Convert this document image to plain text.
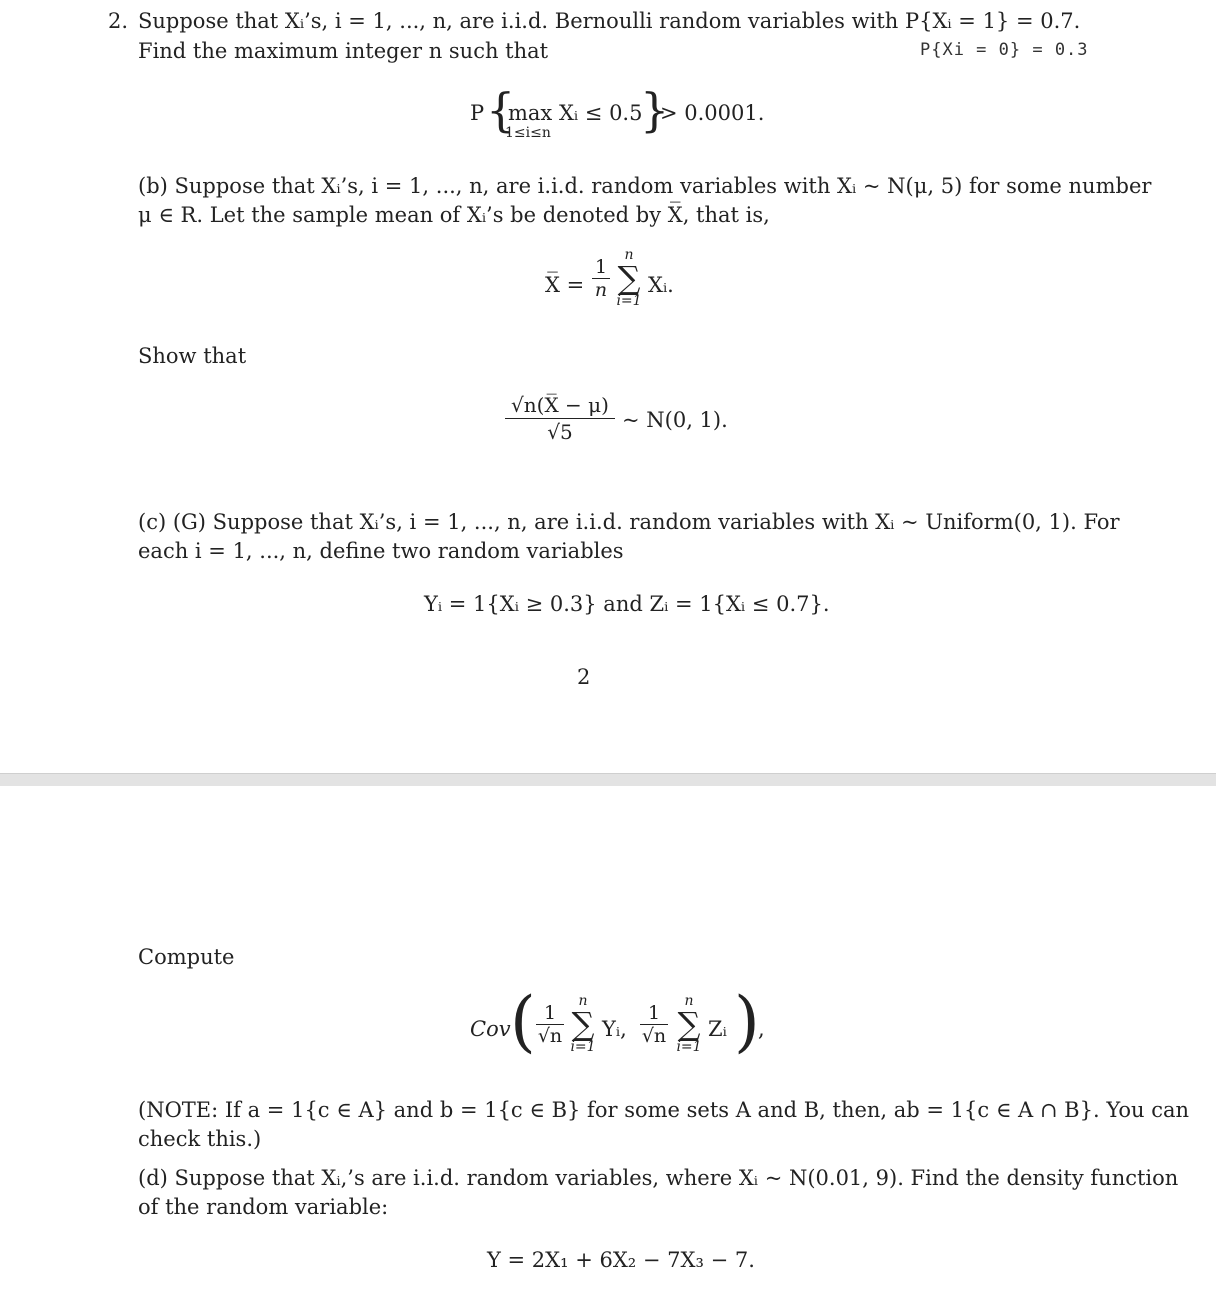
2. Suppose that Xᵢ’s, i = 1, ..., n, are i.i.d. Bernoulli random variables with P{Xᵢ = 1} = 0.7.
Find the maximum integer n such that	P{Xi = 0} = 0.3
P {
max Xᵢ ≤ 0.5
1≤i≤n }
> 0.0001.
(b) Suppose that Xᵢ’s, i = 1, ..., n, are i.i.d. random variables with Xᵢ ~ N(μ, 5) for some number
μ ∈ R. Let the sample mean of Xᵢ’s be denoted by X̅, that is,
X̅ = $\frac{1}{n}$
n
∑
i=1
Xᵢ.
Show that
$\frac{√n(X̅ - \mu)}{√5}$ ~ N(0, 1).
(c) (G) Suppose that Xᵢ’s, i = 1, ..., n, are i.i.d. random variables with Xᵢ ~ Uniform(0, 1). For
each i = 1, ..., n, define two random variables
Yᵢ = 1{Xᵢ ≥ 0.3} and Zᵢ = 1{Xᵢ ≤ 0.7}.
2
Compute
Cov ( $\frac{1}{√n}$
n
∑
i=1
Yᵢ, $\frac{1}{√n}$
n
∑
i=1
Zᵢ )
,
(NOTE: If a = 1{c ∈ A} and b = 1{c ∈ B} for some sets A and B, then, ab = 1{c ∈ A ∩ B}. You can
check this.)
(d) Suppose that Xᵢ,’s are i.i.d. random variables, where Xᵢ ~ N(0.01, 9). Find the density function
of the random variable:
Y = 2X₁ + 6X₂ − 7X₃ − 7.
